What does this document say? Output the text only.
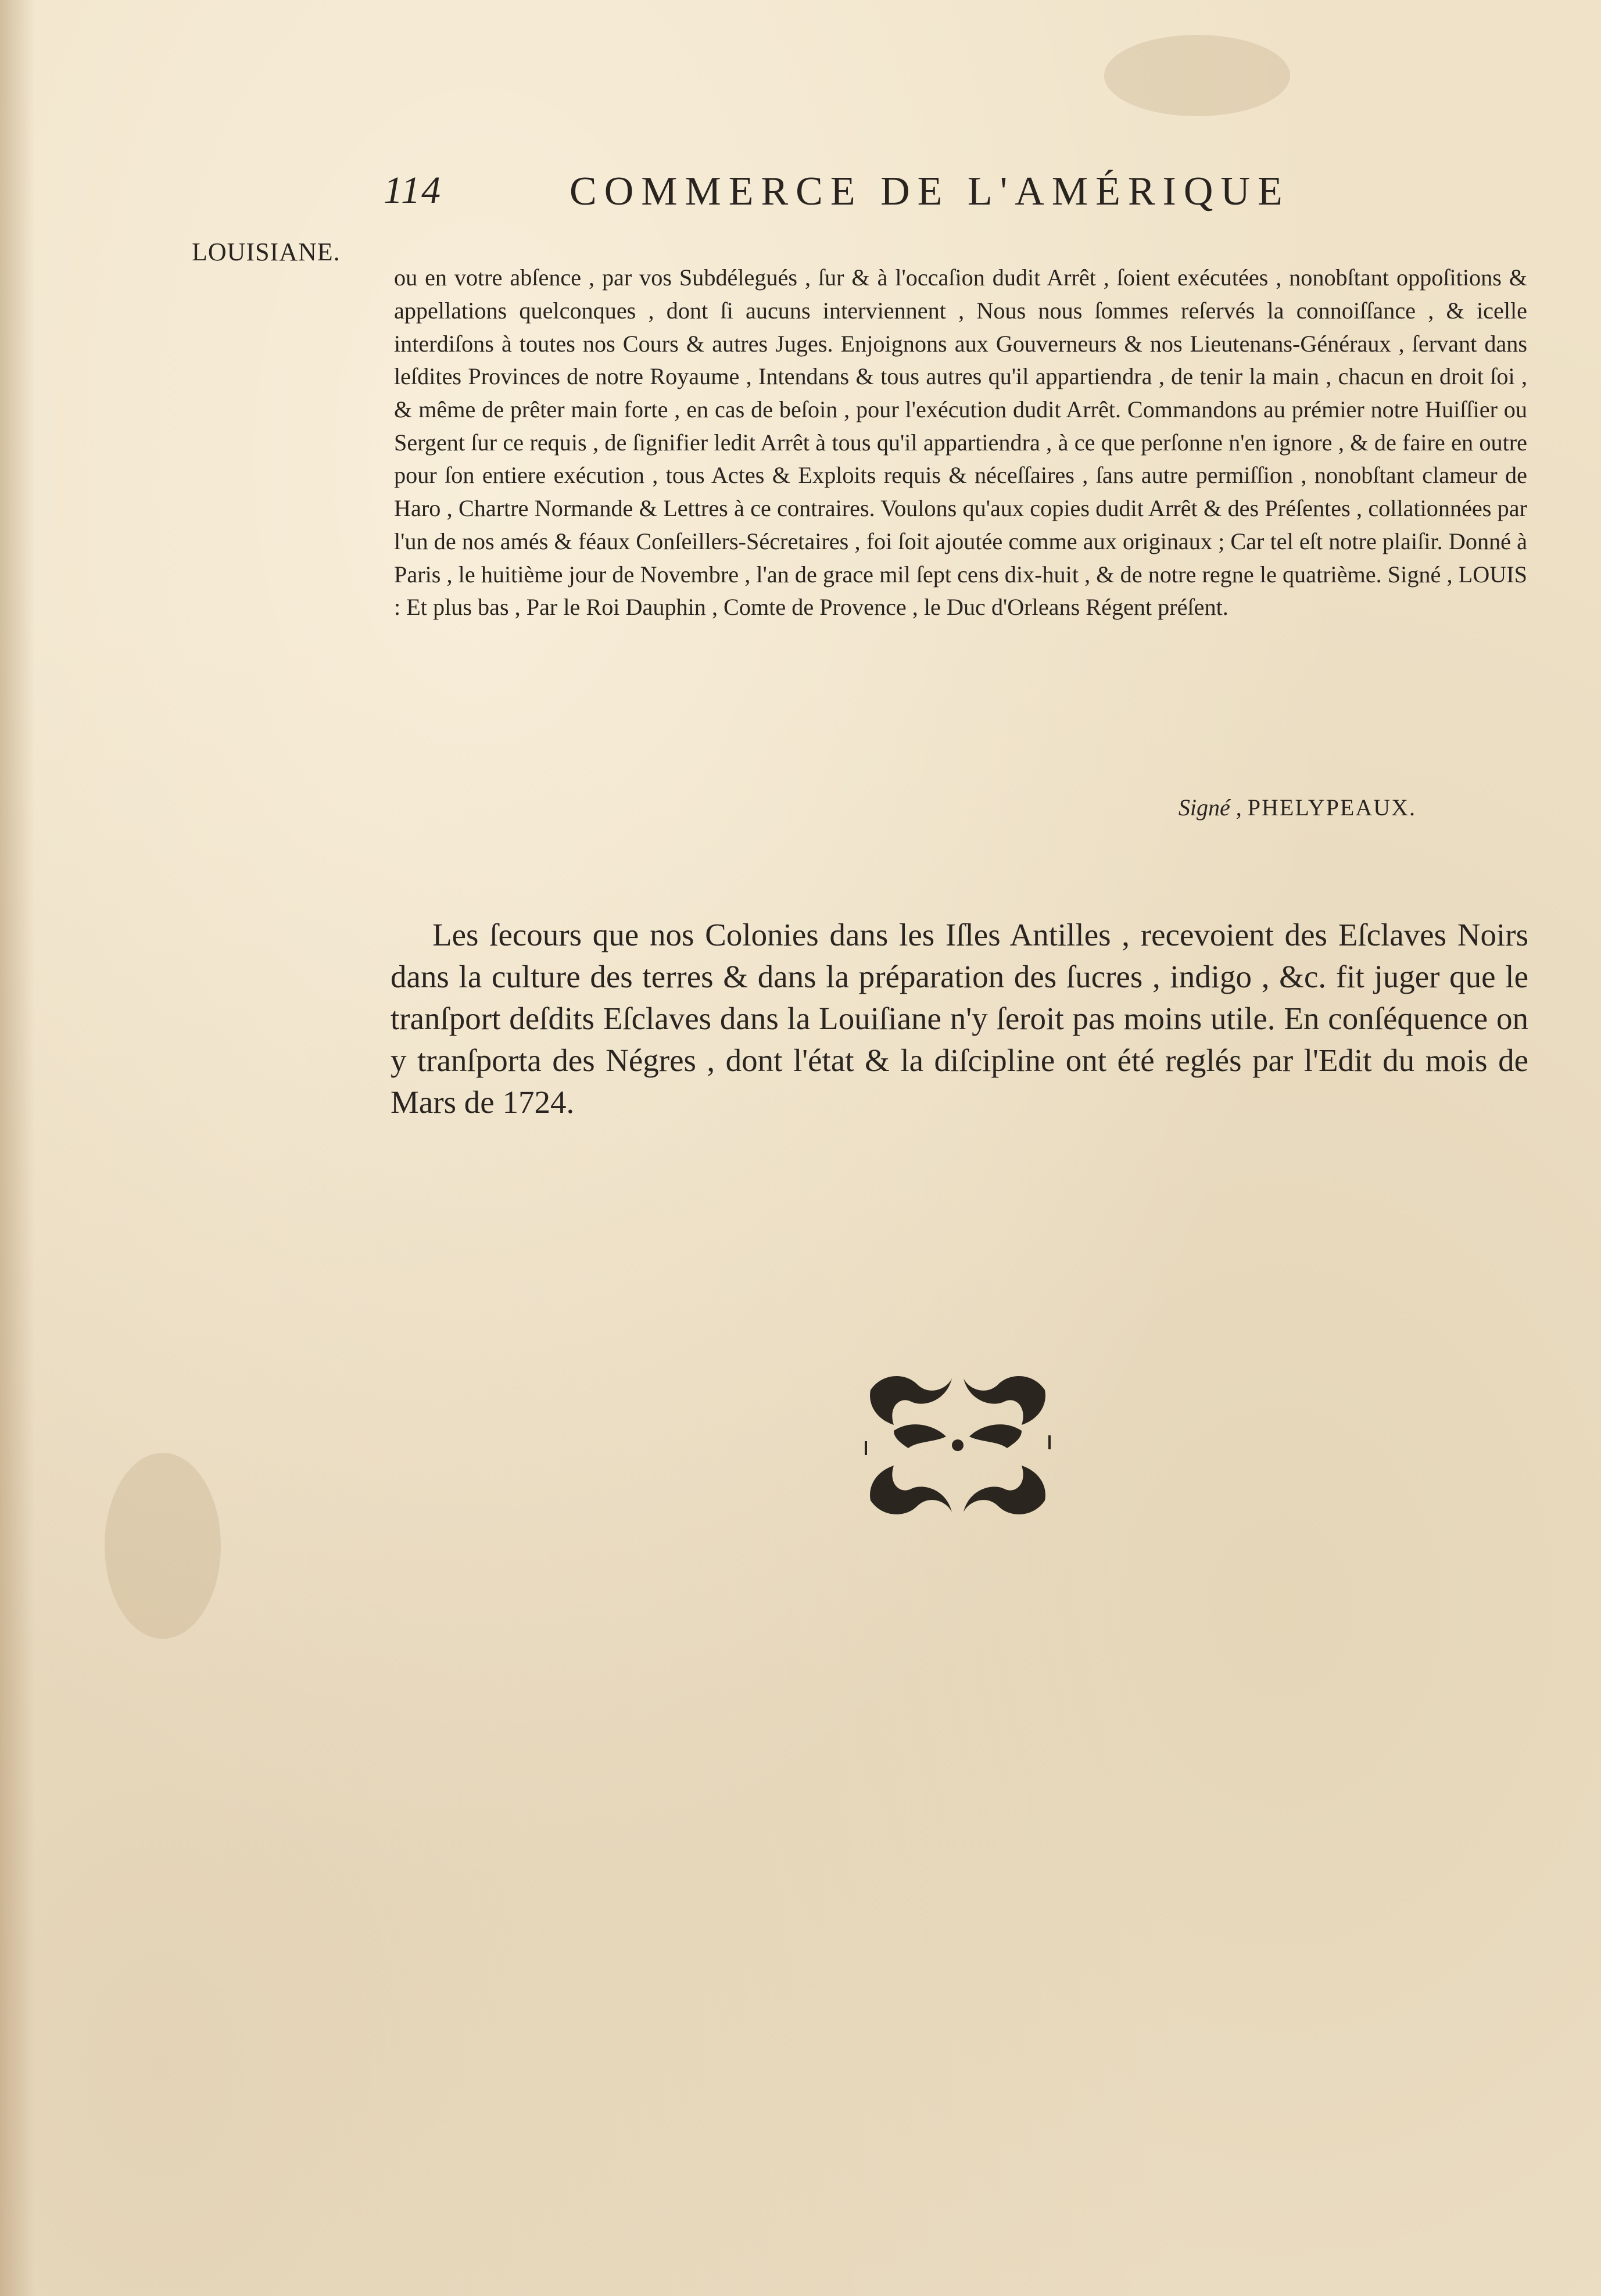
114	COMMERCE DE L'AMÉRIQUE
LOUISIANE.

ou en votre abſence , par vos Subdélegués , ſur & à l'occaſion dudit Arrêt , ſoient exécutées , nonobſtant oppoſitions & appellations quelconques , dont ſi aucuns interviennent , Nous nous ſommes reſervés la connoiſſance , & icelle interdiſons à toutes nos Cours & autres Juges. Enjoignons aux Gouverneurs & nos Lieutenans-Généraux , ſervant dans leſdites Provinces de notre Royaume , Intendans & tous autres qu'il appartiendra , de tenir la main , chacun en droit ſoi , & même de prêter main forte , en cas de beſoin , pour l'exécution dudit Arrêt. Commandons au prémier notre Huiſſier ou Sergent ſur ce requis , de ſignifier ledit Arrêt à tous qu'il appartiendra , à ce que perſonne n'en ignore , & de faire en outre pour ſon entiere exécution , tous Actes & Exploits requis & néceſſaires , ſans autre permiſſion , nonobſtant clameur de Haro , Chartre Normande & Lettres à ce contraires. Voulons qu'aux copies dudit Arrêt & des Préſentes , collationnées par l'un de nos amés & féaux Conſeillers-Sécretaires , foi ſoit ajoutée comme aux originaux ; Car tel eſt notre plaiſir. Donné à Paris , le huitième jour de Novembre , l'an de grace mil ſept cens dix-huit , & de notre regne le quatrième. Signé , LOUIS : Et plus bas , Par le Roi Dauphin , Comte de Provence , le Duc d'Orleans Régent préſent.

Signé , PHELYPEAUX.

Les ſecours que nos Colonies dans les Iſles Antilles , recevoient des Eſclaves Noirs dans la culture des terres & dans la préparation des ſucres , indigo , &c. fit juger que le tranſport deſdits Eſclaves dans la Louiſiane n'y ſeroit pas moins utile. En conſéquence on y tranſporta des Négres , dont l'état & la diſcipline ont été reglés par l'Edit du mois de Mars de 1724.
